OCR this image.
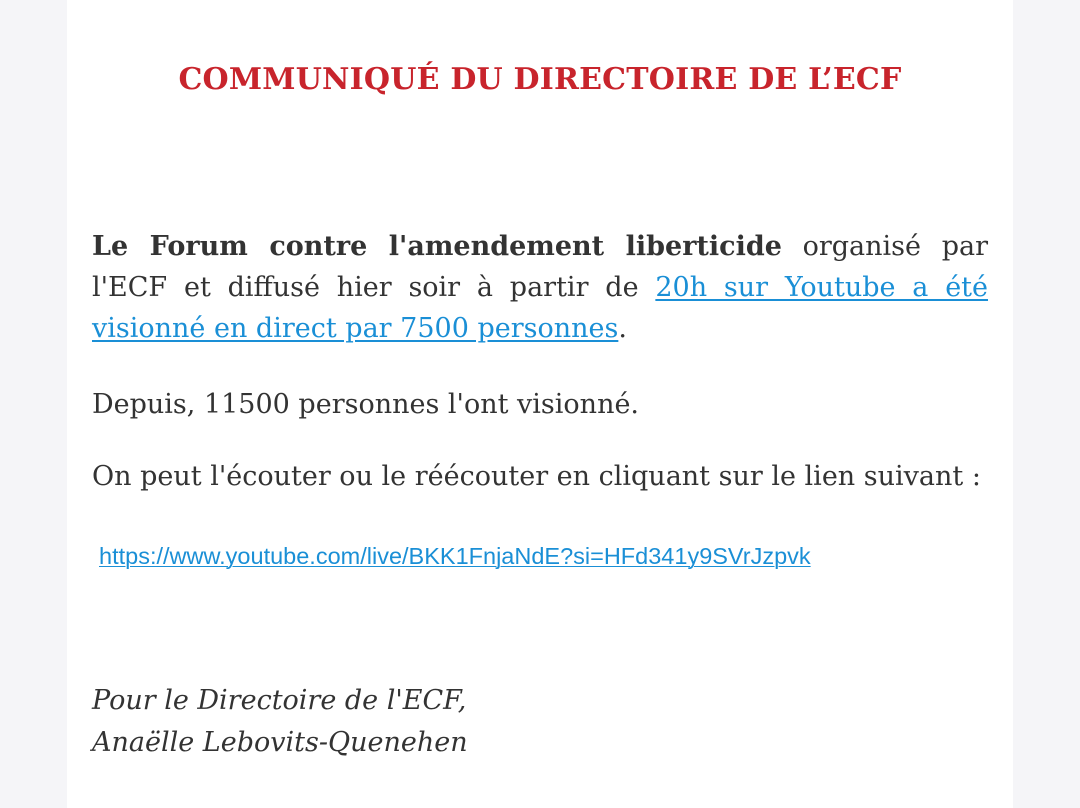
COMMUNIQUÉ DU DIRECTOIRE DE L’ECF

Le Forum contre l'amendement liberticide organisé par l'ECF et diffusé hier soir à partir de 20h sur Youtube a été visionné en direct par 7500 personnes.

Depuis, 11500 personnes l'ont visionné.

On peut l'écouter ou le réécouter en cliquant sur le lien suivant :

https://www.youtube.com/live/BKK1FnjaNdE?si=HFd341y9SVrJzpvk

Pour le Directoire de l'ECF,
Anaëlle Lebovits-Quenehen
